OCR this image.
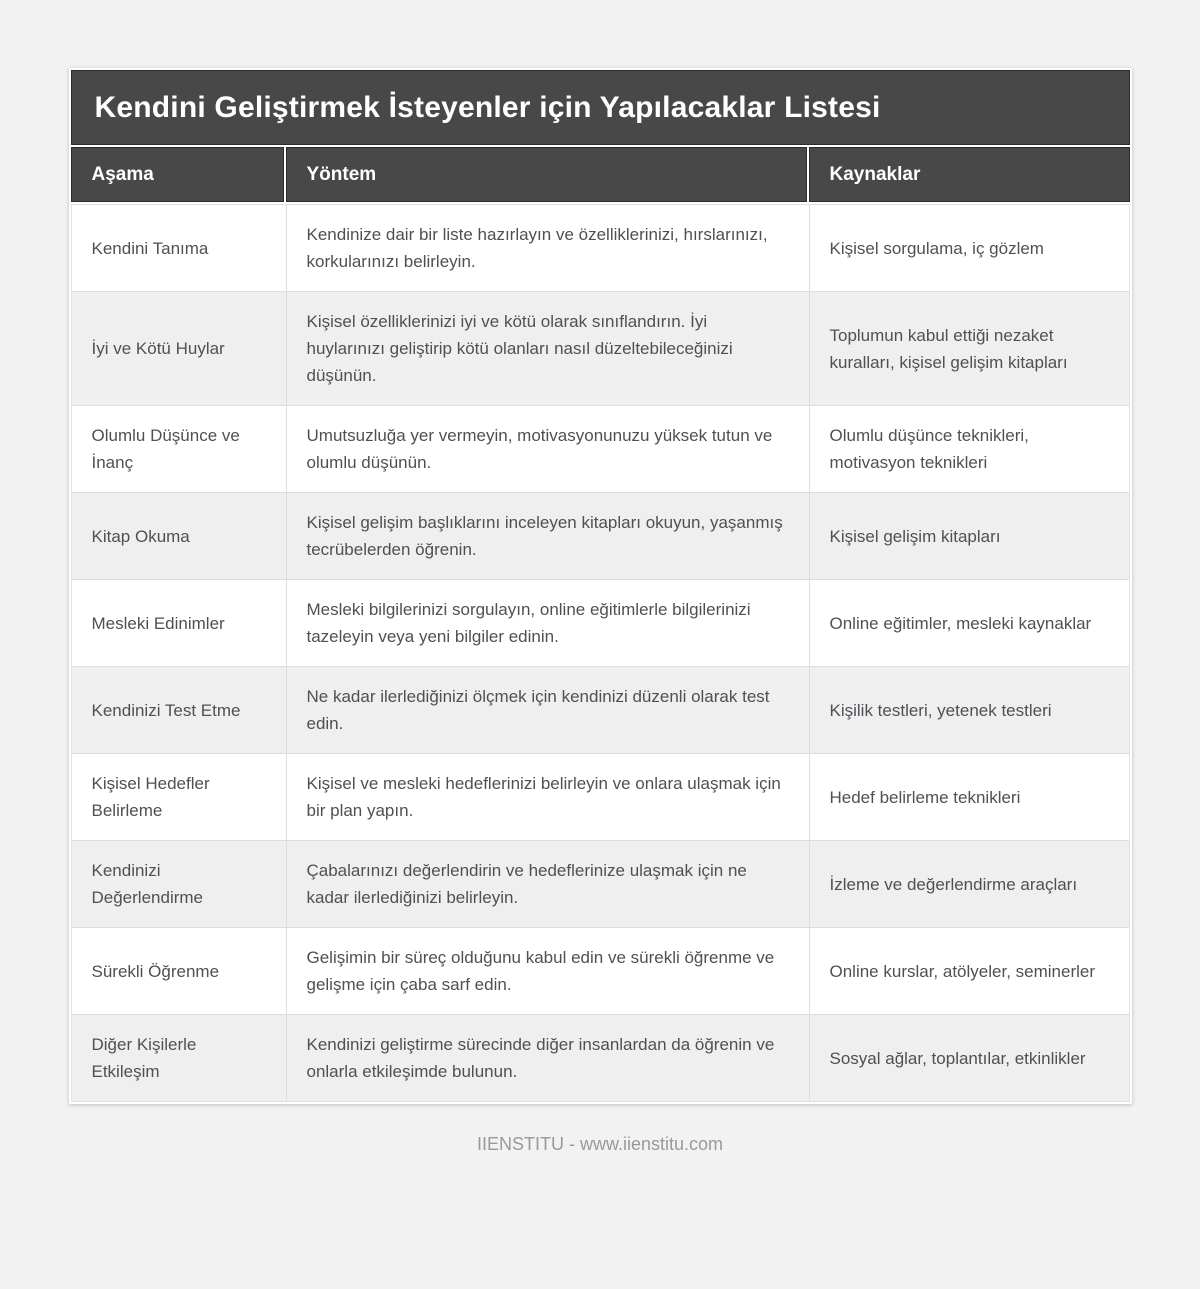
Kendini Geliştirmek İsteyenler için Yapılacaklar Listesi
Aşama	Yöntem	Kaynaklar
Kendini Tanıma
Kendinize dair bir liste hazırlayın ve özelliklerinizi, hırslarınızı, korkularınızı belirleyin.
Kişisel sorgulama, iç gözlem
İyi ve Kötü Huylar
Kişisel özelliklerinizi iyi ve kötü olarak sınıflandırın. İyi huylarınızı geliştirip kötü olanları nasıl düzeltebileceğinizi düşünün.
Toplumun kabul ettiği nezaket kuralları, kişisel gelişim kitapları
Olumlu Düşünce ve İnanç
Umutsuzluğa yer vermeyin, motivasyonunuzu yüksek tutun ve olumlu düşünün.
Olumlu düşünce teknikleri, motivasyon teknikleri
Kitap Okuma
Kişisel gelişim başlıklarını inceleyen kitapları okuyun, yaşanmış tecrübelerden öğrenin.
Kişisel gelişim kitapları
Mesleki Edinimler
Mesleki bilgilerinizi sorgulayın, online eğitimlerle bilgilerinizi tazeleyin veya yeni bilgiler edinin.
Online eğitimler, mesleki kaynaklar
Kendinizi Test Etme
Ne kadar ilerlediğinizi ölçmek için kendinizi düzenli olarak test edin.
Kişilik testleri, yetenek testleri
Kişisel Hedefler Belirleme
Kişisel ve mesleki hedeflerinizi belirleyin ve onlara ulaşmak için bir plan yapın.
Hedef belirleme teknikleri
Kendinizi Değerlendirme
Çabalarınızı değerlendirin ve hedeflerinize ulaşmak için ne kadar ilerlediğinizi belirleyin.
İzleme ve değerlendirme araçları
Sürekli Öğrenme
Gelişimin bir süreç olduğunu kabul edin ve sürekli öğrenme ve gelişme için çaba sarf edin.
Online kurslar, atölyeler, seminerler
Diğer Kişilerle Etkileşim
Kendinizi geliştirme sürecinde diğer insanlardan da öğrenin ve onlarla etkileşimde bulunun.
Sosyal ağlar, toplantılar, etkinlikler
IIENSTITU - www.iienstitu.com
